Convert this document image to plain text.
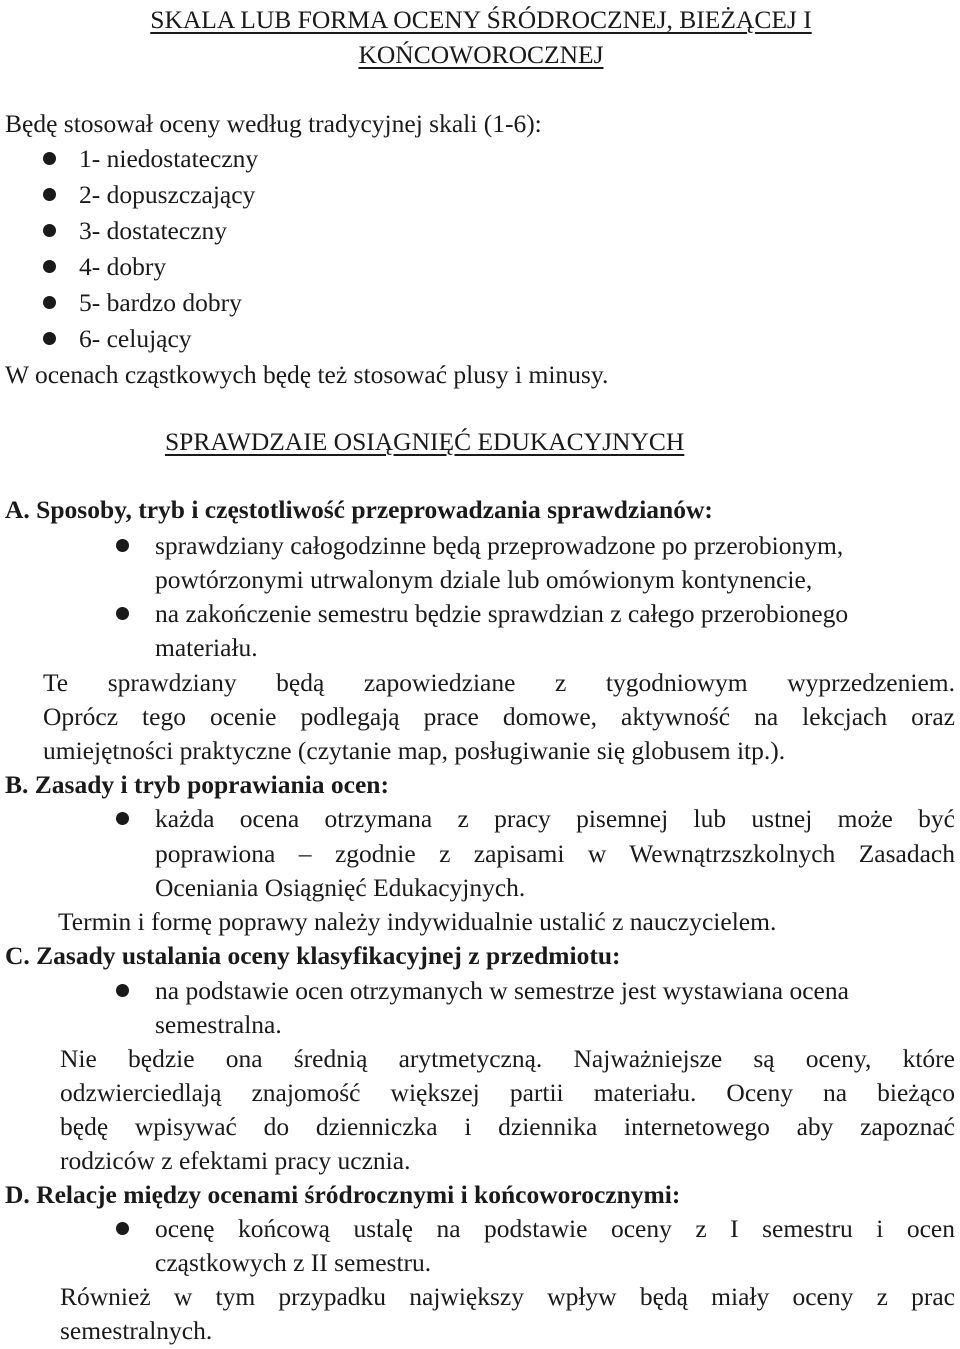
SKALA LUB FORMA OCENY ŚRÓDROCZNEJ, BIEŻĄCEJ I
KOŃCOWOROCZNEJ
Będę stosował oceny według tradycyjnej skali (1-6):
1- niedostateczny
2- dopuszczający
3- dostateczny
4- dobry
5- bardzo dobry
6- celujący
W ocenach cząstkowych będę też stosować plusy i minusy.
SPRAWDZAIE OSIĄGNIĘĆ EDUKACYJNYCH
A. Sposoby, tryb i częstotliwość przeprowadzania sprawdzianów:
sprawdziany całogodzinne będą przeprowadzone po przerobionym,
powtórzonymi utrwalonym dziale lub omówionym kontynencie,
na zakończenie semestru będzie sprawdzian z całego przerobionego
materiału.
Te sprawdziany będą zapowiedziane z tygodniowym wyprzedzeniem.
Oprócz tego ocenie podlegają prace domowe, aktywność na lekcjach oraz
umiejętności praktyczne (czytanie map, posługiwanie się globusem itp.).
B. Zasady i tryb poprawiania ocen:
każda ocena otrzymana z pracy pisemnej lub ustnej może być
poprawiona – zgodnie z zapisami w Wewnątrzszkolnych Zasadach
Oceniania Osiągnięć Edukacyjnych.
Termin i formę poprawy należy indywidualnie ustalić z nauczycielem.
C. Zasady ustalania oceny klasyfikacyjnej z przedmiotu:
na podstawie ocen otrzymanych w semestrze jest wystawiana ocena
semestralna.
Nie będzie ona średnią arytmetyczną. Najważniejsze są oceny, które
odzwierciedlają znajomość większej partii materiału. Oceny na bieżąco
będę wpisywać do dzienniczka i dziennika internetowego aby zapoznać
rodziców z efektami pracy ucznia.
D. Relacje między ocenami śródrocznymi i końcoworocznymi:
ocenę końcową ustalę na podstawie oceny z I semestru i ocen
cząstkowych z II semestru.
Również w tym przypadku największy wpływ będą miały oceny z prac
semestralnych.
